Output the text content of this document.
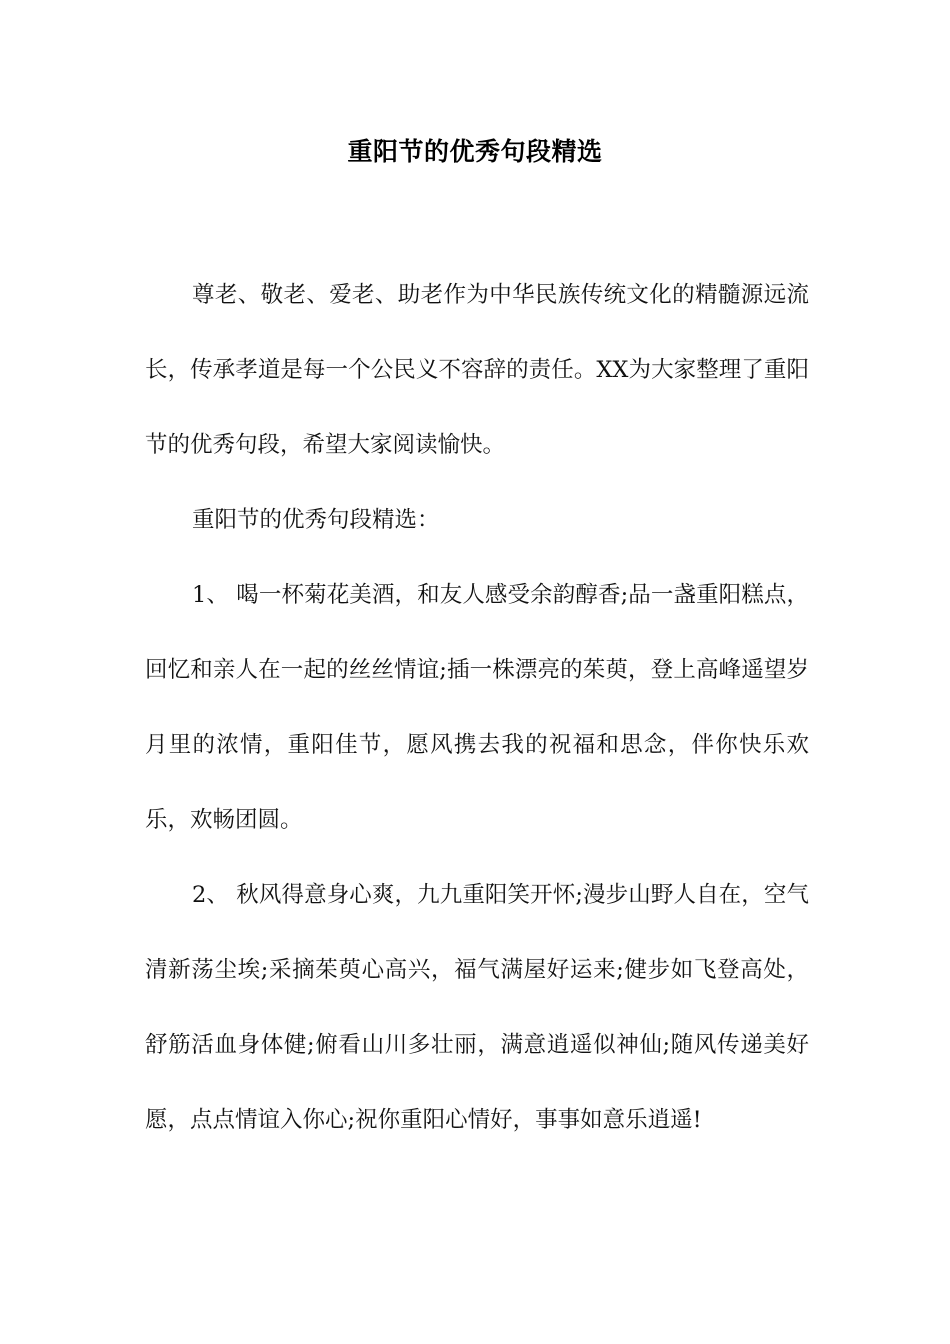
重阳节的优秀句段精选

尊老、敬老、爱老、助老作为中华民族传统文化的精髓源远流长，传承孝道是每一个公民义不容辞的责任。XX为大家整理了重阳节的优秀句段，希望大家阅读愉快。

重阳节的优秀句段精选：

1、 喝一杯菊花美酒，和友人感受余韵醇香;品一盏重阳糕点，回忆和亲人在一起的丝丝情谊;插一株漂亮的茱萸，登上高峰遥望岁月里的浓情，重阳佳节，愿风携去我的祝福和思念，伴你快乐欢乐，欢畅团圆。

2、 秋风得意身心爽，九九重阳笑开怀;漫步山野人自在，空气清新荡尘埃;采摘茱萸心高兴，福气满屋好运来;健步如飞登高处，舒筋活血身体健;俯看山川多壮丽，满意逍遥似神仙;随风传递美好愿，点点情谊入你心;祝你重阳心情好，事事如意乐逍遥!
